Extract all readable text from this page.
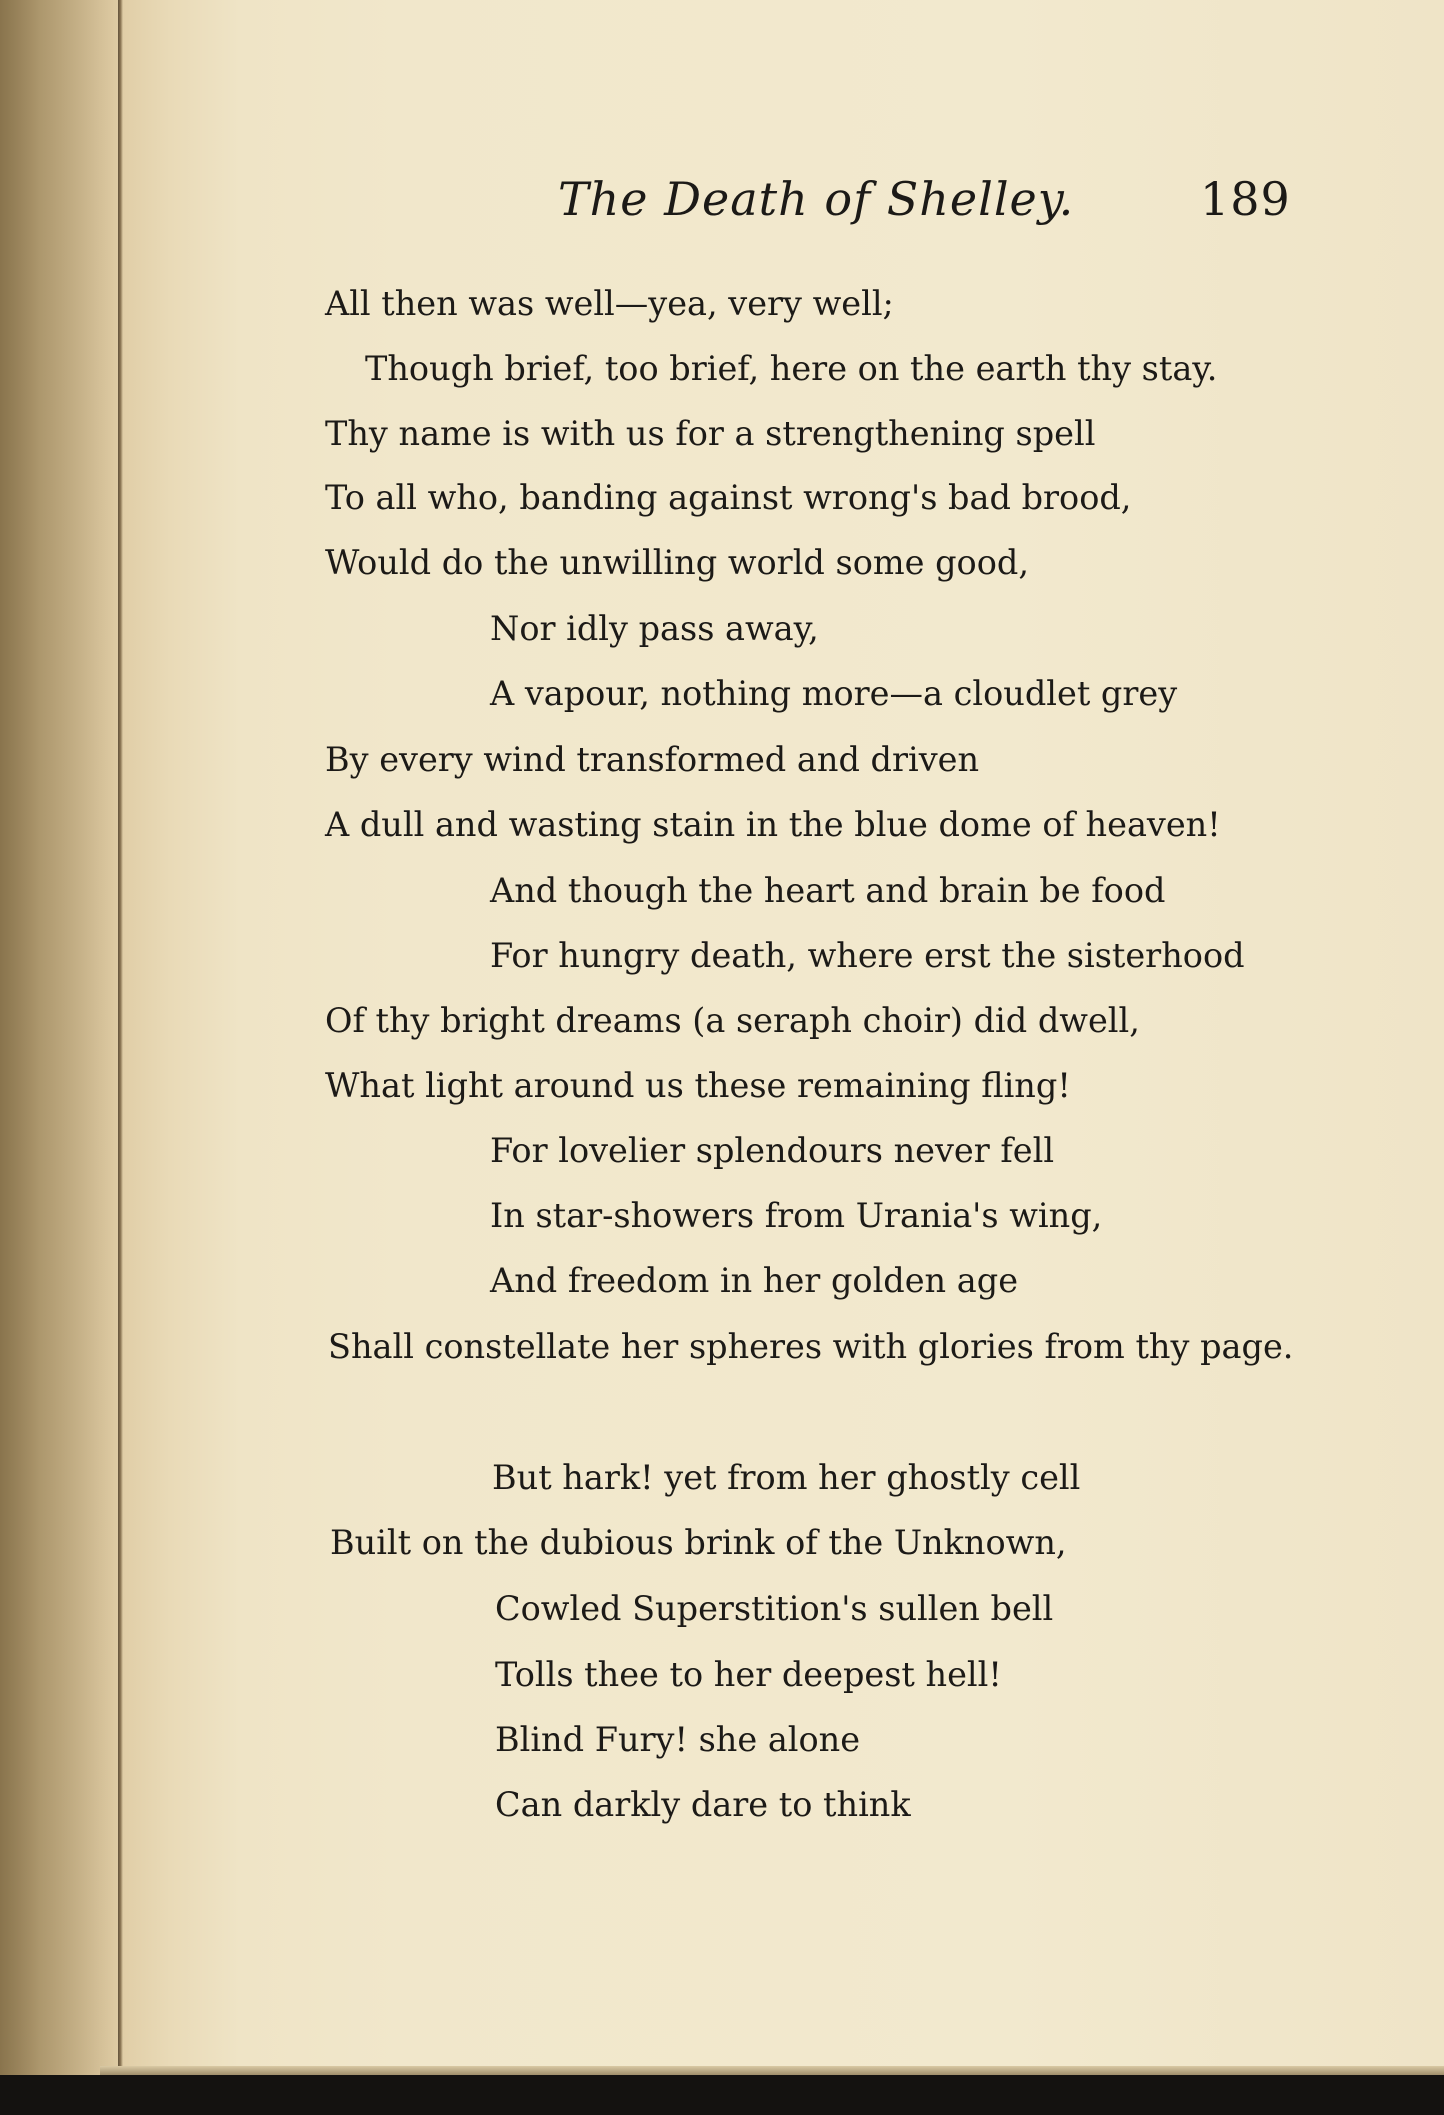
The Death of Shelley.	189
All then was well—yea, very well;
Though brief, too brief, here on the earth thy stay.
Thy name is with us for a strengthening spell
To all who, banding against wrong's bad brood,
Would do the unwilling world some good,
Nor idly pass away,
A vapour, nothing more—a cloudlet grey
By every wind transformed and driven
A dull and wasting stain in the blue dome of heaven!
And though the heart and brain be food
For hungry death, where erst the sisterhood
Of thy bright dreams (a seraph choir) did dwell,
What light around us these remaining fling!
For lovelier splendours never fell
In star-showers from Urania's wing,
And freedom in her golden age
Shall constellate her spheres with glories from thy page.
But hark! yet from her ghostly cell
Built on the dubious brink of the Unknown,
Cowled Superstition's sullen bell
Tolls thee to her deepest hell!
Blind Fury! she alone
Can darkly dare to think
